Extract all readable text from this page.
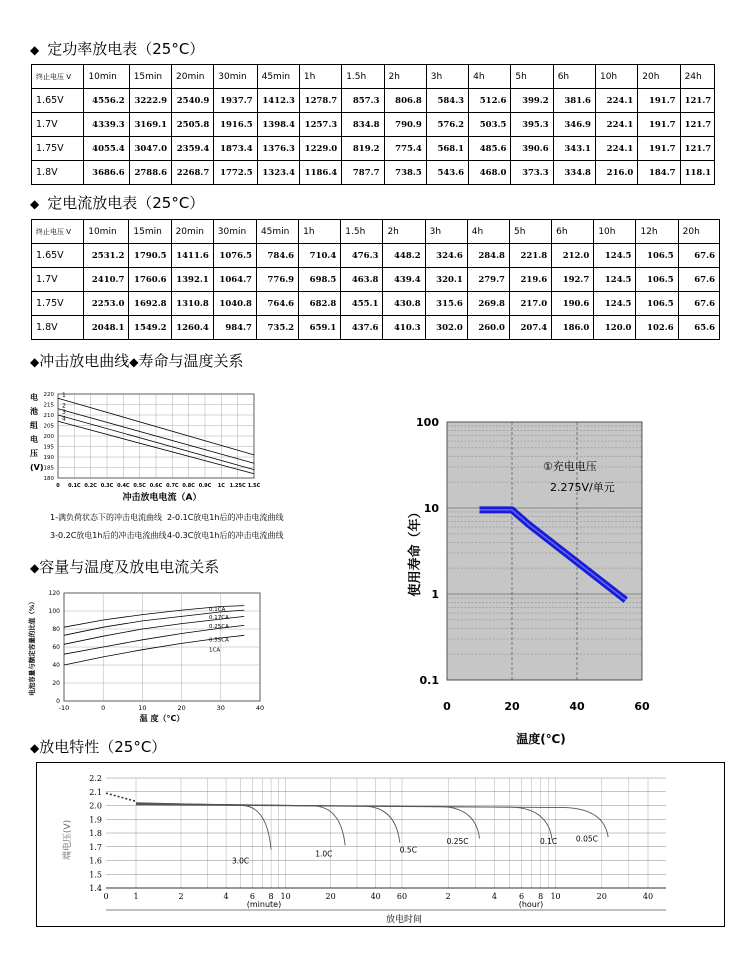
◆ 定功率放电表（25°C）
终止电压 V	10min	15min	20min	30min	45min	1h	1.5h	2h	3h	4h	5h	6h	10h	20h	24h
1.65V	4556.2	3222.9	2540.9	1937.7	1412.3	1278.7	857.3	806.8	584.3	512.6	399.2	381.6	224.1	191.7	121.7
1.7V	4339.3	3169.1	2505.8	1916.5	1398.4	1257.3	834.8	790.9	576.2	503.5	395.3	346.9	224.1	191.7	121.7
1.75V	4055.4	3047.0	2359.4	1873.4	1376.3	1229.0	819.2	775.4	568.1	485.6	390.6	343.1	224.1	191.7	121.7
1.8V	3686.6	2788.6	2268.7	1772.5	1323.4	1186.4	787.7	738.5	543.6	468.0	373.3	334.8	216.0	184.7	118.1
◆ 定电流放电表（25°C）
终止电压 V	10min	15min	20min	30min	45min	1h	1.5h	2h	3h	4h	5h	6h	10h	12h	20h
1.65V	2531.2	1790.5	1411.6	1076.5	784.6	710.4	476.3	448.2	324.6	284.8	221.8	212.0	124.5	106.5	67.6
1.7V	2410.7	1760.6	1392.1	1064.7	776.9	698.5	463.8	439.4	320.1	279.7	219.6	192.7	124.5	106.5	67.6
1.75V	2253.0	1692.8	1310.8	1040.8	764.6	682.8	455.1	430.8	315.6	269.8	217.0	190.6	124.5	106.5	67.6
1.8V	2048.1	1549.2	1260.4	984.7	735.2	659.1	437.6	410.3	302.0	260.0	207.4	186.0	120.0	102.6	65.6
◆冲击放电曲线◆寿命与温度关系
电
池
组
电
压
(V)
220
215
210
205
200
195
190
185
180
0 0.1C 0.2C 0.3C 0.4C 0.5C 0.6C 0.7C 0.8C 0.9C 1C 1.25C 1.5C
1
2
3
4
冲击放电电流（A）
1-满负荷状态下的冲击电流曲线 2-0.1C放电1h后的冲击电流曲线
3-0.2C放电1h后的冲击电流曲线 4-0.3C放电1h后的冲击电流曲线
◆容量与温度及放电电流关系
120
100
80
60
40
20
0
-10	0	10	20	30	40
0.1CA
0.17CA
0.25CA
0.55CA
1CA
电池容量与额定容量的比值（%）
温 度（°C）
100
10
1
0.1
0	20	40	60
使用寿命（年）
温度(℃)
①充电电压
2.275V/单元
◆放电特性（25°C）
2.2
2.1
2.0
1.9
1.8
1.7
1.6
1.5
1.4
0	1	2	4	6 8 10	20	40 60	2	4	6 8 10	20	40
3.0C
1.0C	0.5C
0.25C	0.1C	0.05C
端电压(V)
(minute)	(hour)
放电时间
